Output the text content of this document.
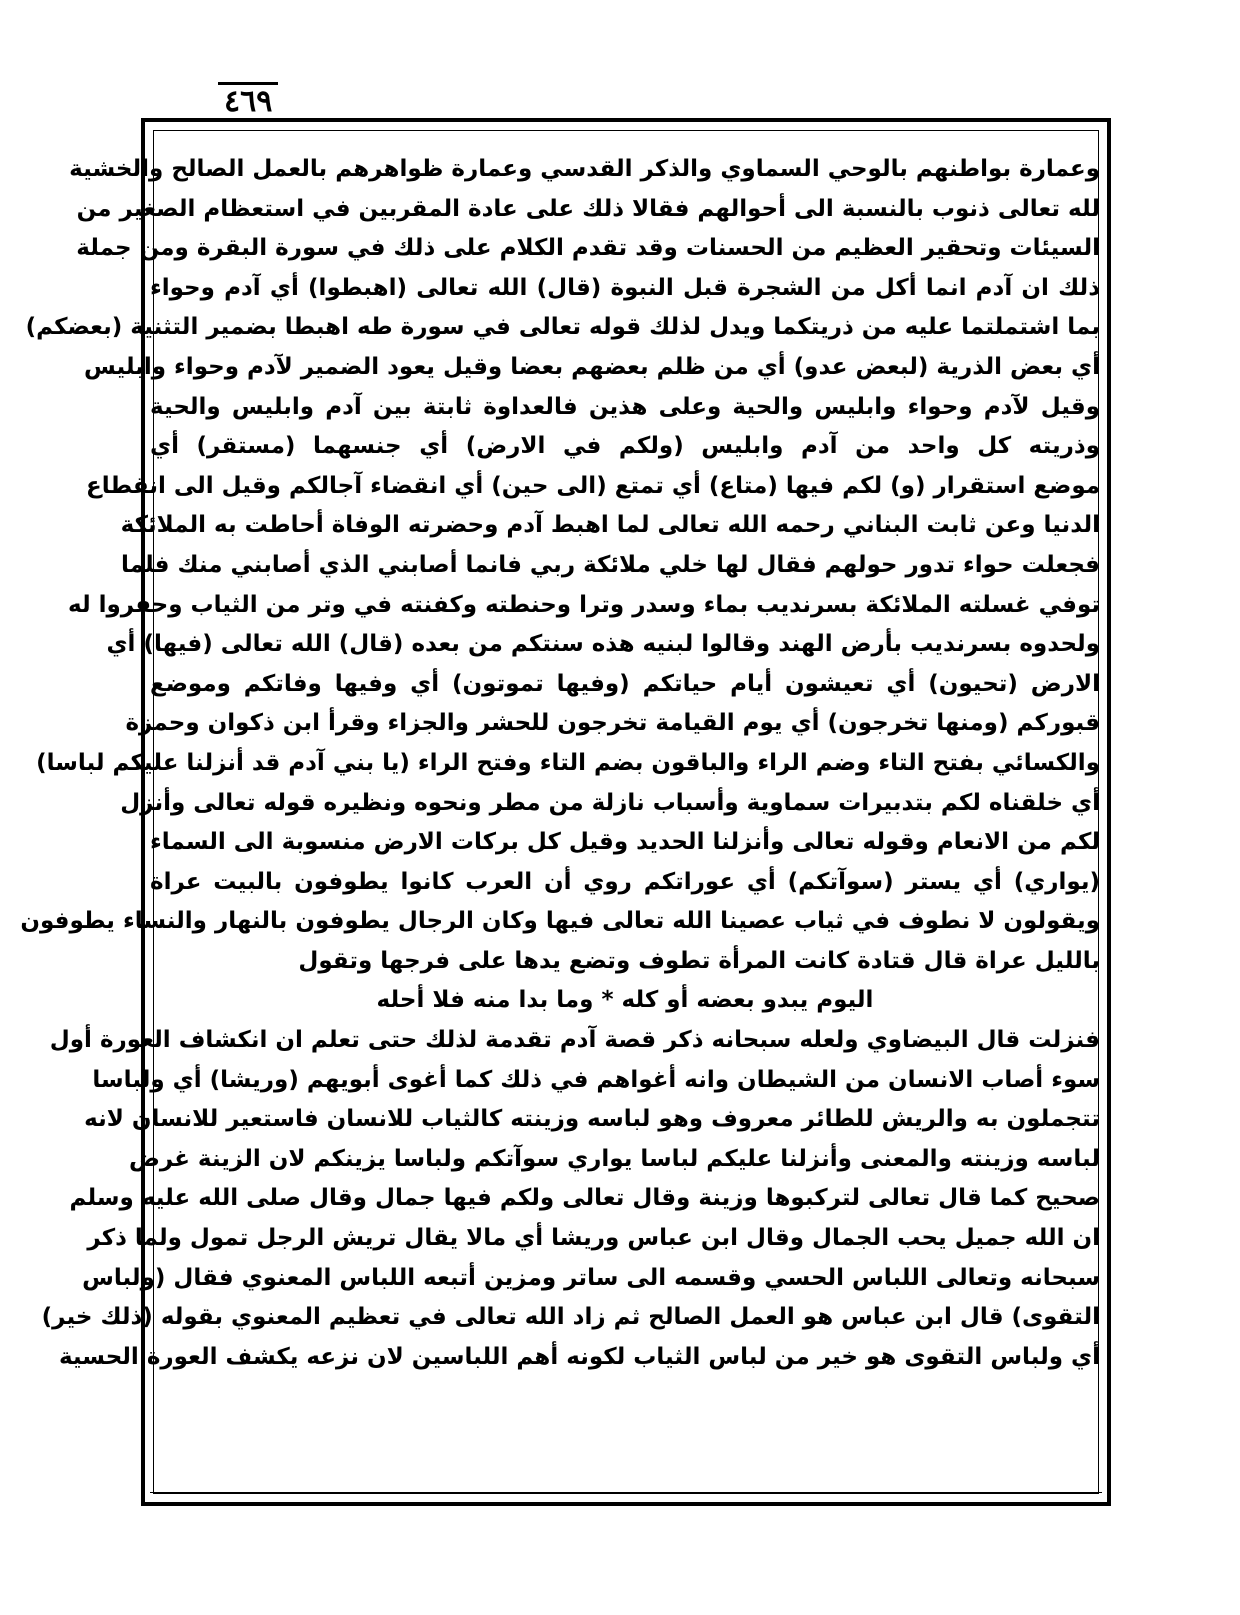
٤٦٩
وعمارة بواطنهم بالوحي السماوي والذكر القدسي وعمارة ظواهرهم بالعمل الصالح والخشية
لله تعالى ذنوب بالنسبة الى أحوالهم فقالا ذلك على عادة المقربين في استعظام الصغير من
السيئات وتحقير العظيم من الحسنات وقد تقدم الكلام على ذلك في سورة البقرة ومن جملة
ذلك ان آدم انما أكل من الشجرة قبل النبوة (قال) الله تعالى (اهبطوا) أي آدم وحواء
بما اشتملتما عليه من ذريتكما ويدل لذلك قوله تعالى في سورة طه اهبطا بضمير التثنية (بعضكم)
أي بعض الذرية (لبعض عدو) أي من ظلم بعضهم بعضا وقيل يعود الضمير لآدم وحواء وابليس
وقيل لآدم وحواء وابليس والحية وعلى هذين فالعداوة ثابتة بين آدم وابليس والحية
وذريته كل واحد من آدم وابليس (ولكم في الارض) أي جنسهما (مستقر) أي
موضع استقرار (و) لكم فيها (متاع) أي تمتع (الى حين) أي انقضاء آجالكم وقيل الى انقطاع
الدنيا وعن ثابت البناني رحمه الله تعالى لما اهبط آدم وحضرته الوفاة أحاطت به الملائكة
فجعلت حواء تدور حولهم فقال لها خلي ملائكة ربي فانما أصابني الذي أصابني منك فلما
توفي غسلته الملائكة بسرنديب بماء وسدر وترا وحنطته وكفنته في وتر من الثياب وحفروا له
ولحدوه بسرنديب بأرض الهند وقالوا لبنيه هذه سنتكم من بعده (قال) الله تعالى (فيها) أي
الارض (تحيون) أي تعيشون أيام حياتكم (وفيها تموتون) أي وفيها وفاتكم وموضع
قبوركم (ومنها تخرجون) أي يوم القيامة تخرجون للحشر والجزاء وقرأ ابن ذكوان وحمزة
والكسائي بفتح التاء وضم الراء والباقون بضم التاء وفتح الراء (يا بني آدم قد أنزلنا عليكم لباسا)
أي خلقناه لكم بتدبيرات سماوية وأسباب نازلة من مطر ونحوه ونظيره قوله تعالى وأنزل
لكم من الانعام وقوله تعالى وأنزلنا الحديد وقيل كل بركات الارض منسوبة الى السماء
(يواري) أي يستر (سوآتكم) أي عوراتكم روي أن العرب كانوا يطوفون بالبيت عراة
ويقولون لا نطوف في ثياب عصينا الله تعالى فيها وكان الرجال يطوفون بالنهار والنساء يطوفون
بالليل عراة قال قتادة كانت المرأة تطوف وتضع يدها على فرجها وتقول
اليوم يبدو بعضه أو كله * وما بدا منه فلا أحله
فنزلت قال البيضاوي ولعله سبحانه ذكر قصة آدم تقدمة لذلك حتى تعلم ان انكشاف العورة أول
سوء أصاب الانسان من الشيطان وانه أغواهم في ذلك كما أغوى أبويهم (وريشا) أي ولباسا
تتجملون به والريش للطائر معروف وهو لباسه وزينته كالثياب للانسان فاستعير للانسان لانه
لباسه وزينته والمعنى وأنزلنا عليكم لباسا يواري سوآتكم ولباسا يزينكم لان الزينة غرض
صحيح كما قال تعالى لتركبوها وزينة وقال تعالى ولكم فيها جمال وقال صلى الله عليه وسلم
ان الله جميل يحب الجمال وقال ابن عباس وريشا أي مالا يقال تريش الرجل تمول ولما ذكر
سبحانه وتعالى اللباس الحسي وقسمه الى ساتر ومزين أتبعه اللباس المعنوي فقال (ولباس
التقوى) قال ابن عباس هو العمل الصالح ثم زاد الله تعالى في تعظيم المعنوي بقوله (ذلك خير)
أي ولباس التقوى هو خير من لباس الثياب لكونه أهم اللباسين لان نزعه يكشف العورة الحسية
